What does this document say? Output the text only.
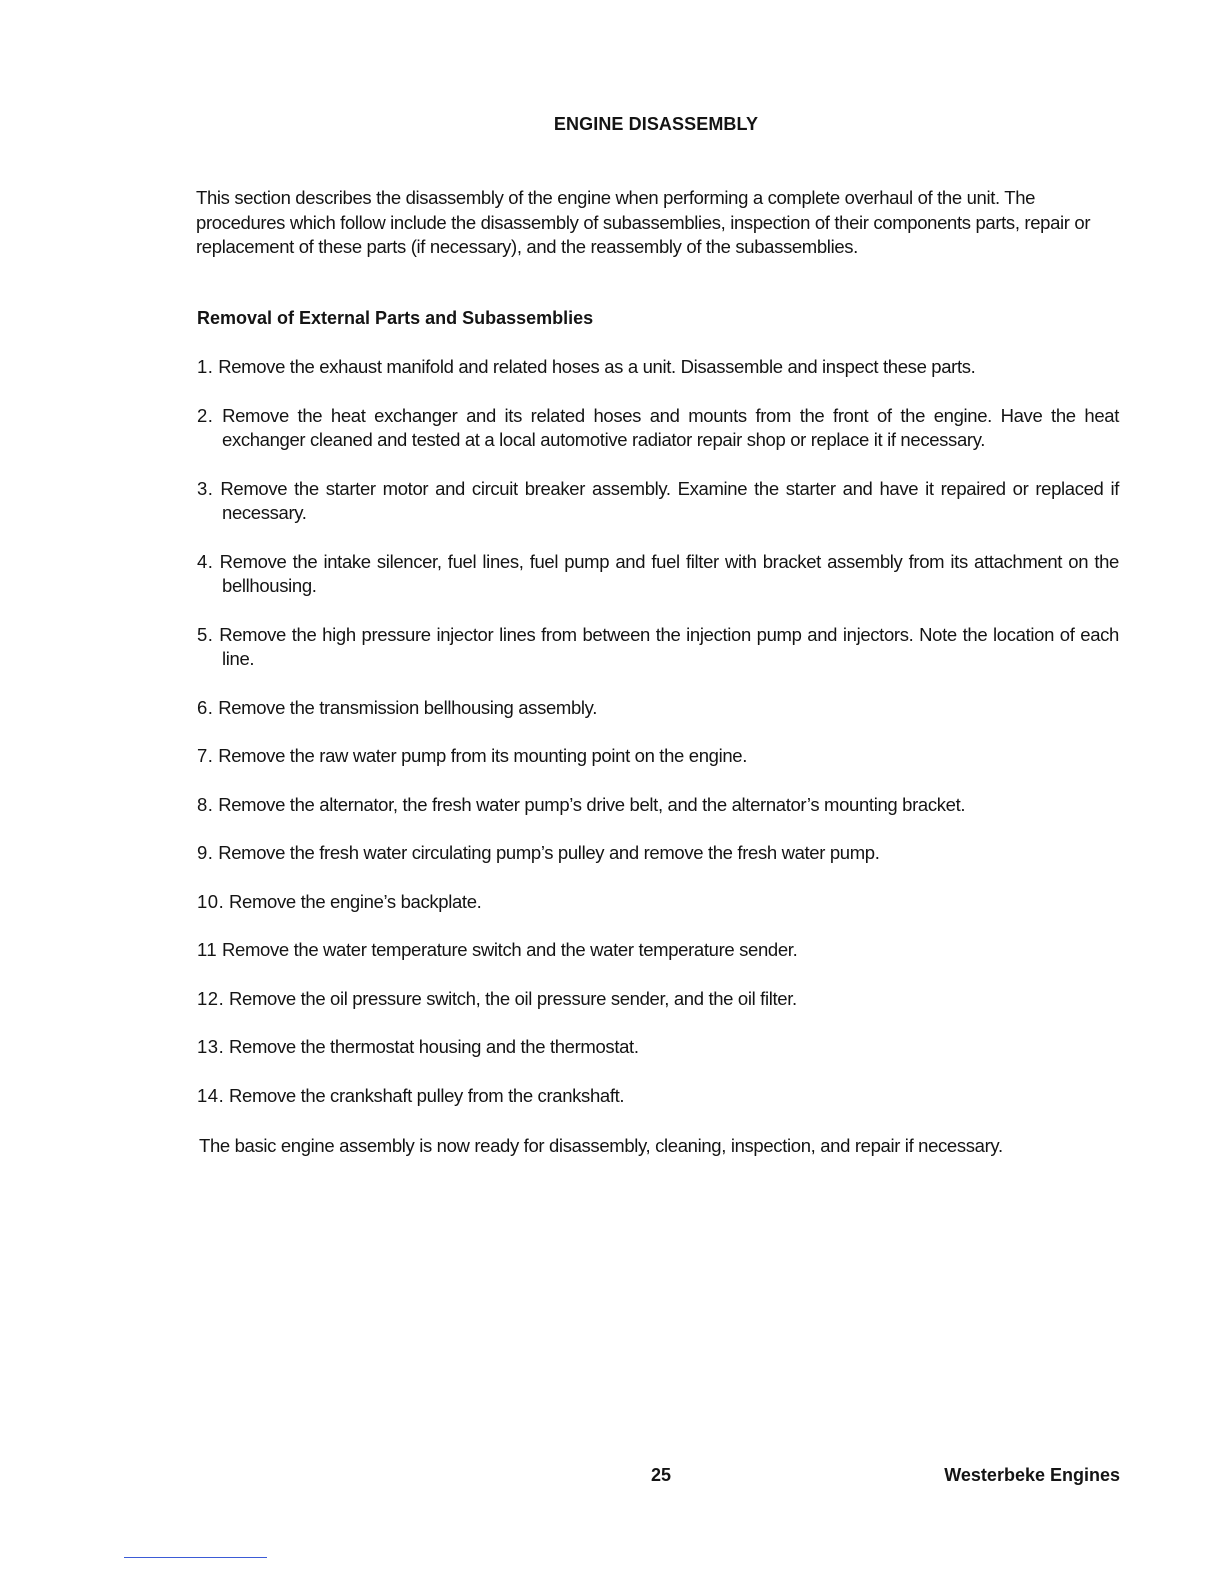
ENGINE DISASSEMBLY

This section describes the disassembly of the engine when performing a complete overhaul of the unit. The procedures which follow include the disassembly of subassemblies, inspection of their components parts, repair or replacement of these parts (if necessary), and the reassembly of the subassemblies.

Removal of External Parts and Subassemblies
1. Remove the exhaust manifold and related hoses as a unit. Disassemble and inspect these parts.
2. Remove the heat exchanger and its related hoses and mounts from the front of the engine. Have the heat exchanger cleaned and tested at a local automotive radiator repair shop or replace it if necessary.
3. Remove the starter motor and circuit breaker assembly. Examine the starter and have it repaired or replaced if necessary.
4. Remove the intake silencer, fuel lines, fuel pump and fuel filter with bracket assembly from its attachment on the bellhousing.
5. Remove the high pressure injector lines from between the injection pump and injectors. Note the location of each line.
6. Remove the transmission bellhousing assembly.
7. Remove the raw water pump from its mounting point on the engine.
8. Remove the alternator, the fresh water pump’s drive belt, and the alternator’s mounting bracket.
9. Remove the fresh water circulating pump’s pulley and remove the fresh water pump.
10. Remove the engine’s backplate.
11 Remove the water temperature switch and the water temperature sender.
12. Remove the oil pressure switch, the oil pressure sender, and the oil filter.
13. Remove the thermostat housing and the thermostat.
14. Remove the crankshaft pulley from the crankshaft.

The basic engine assembly is now ready for disassembly, cleaning, inspection, and repair if necessary.

25	Westerbeke Engines
